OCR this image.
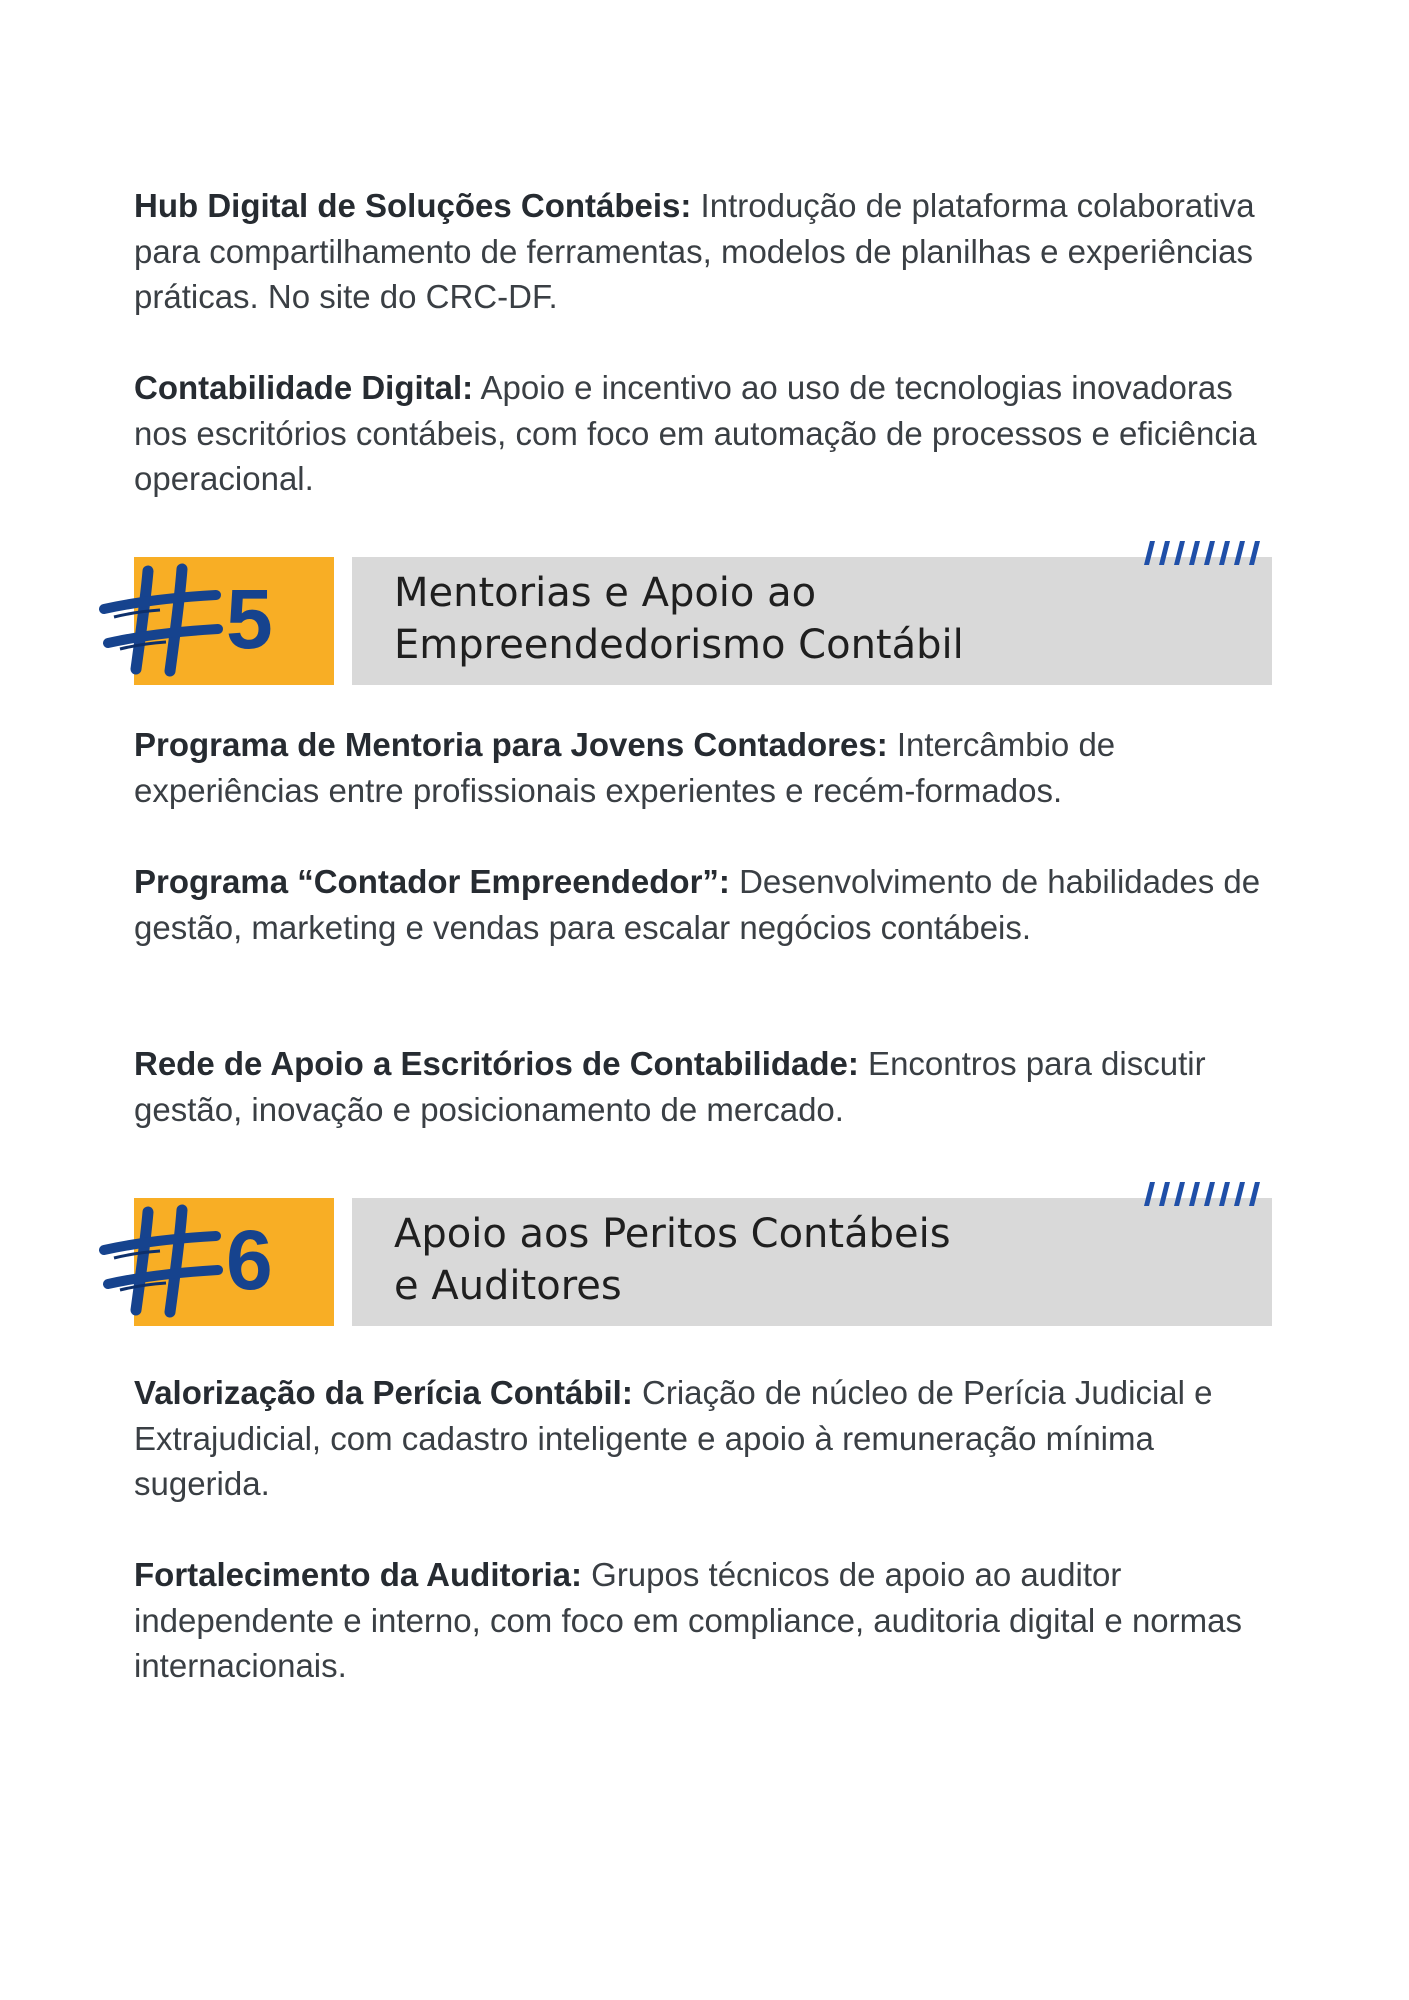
Hub Digital de Soluções Contábeis: Introdução de plataforma colaborativa para compartilhamento de ferramentas, modelos de planilhas e experiências práticas. No site do CRC-DF.

Contabilidade Digital: Apoio e incentivo ao uso de tecnologias inovadoras nos escritórios contábeis, com foco em automação de processos e eficiência operacional.

5	Mentorias e Apoio ao
Empreendedorismo Contábil

Programa de Mentoria para Jovens Contadores: Intercâmbio de experiências entre profissionais experientes e recém-formados.

Programa “Contador Empreendedor”: Desenvolvimento de habilidades de gestão, marketing e vendas para escalar negócios contábeis.

Rede de Apoio a Escritórios de Contabilidade: Encontros para discutir gestão, inovação e posicionamento de mercado.

6	Apoio aos Peritos Contábeis
e Auditores

Valorização da Perícia Contábil: Criação de núcleo de Perícia Judicial e Extrajudicial, com cadastro inteligente e apoio à remuneração mínima sugerida.

Fortalecimento da Auditoria: Grupos técnicos de apoio ao auditor independente e interno, com foco em compliance, auditoria digital e normas internacionais.
